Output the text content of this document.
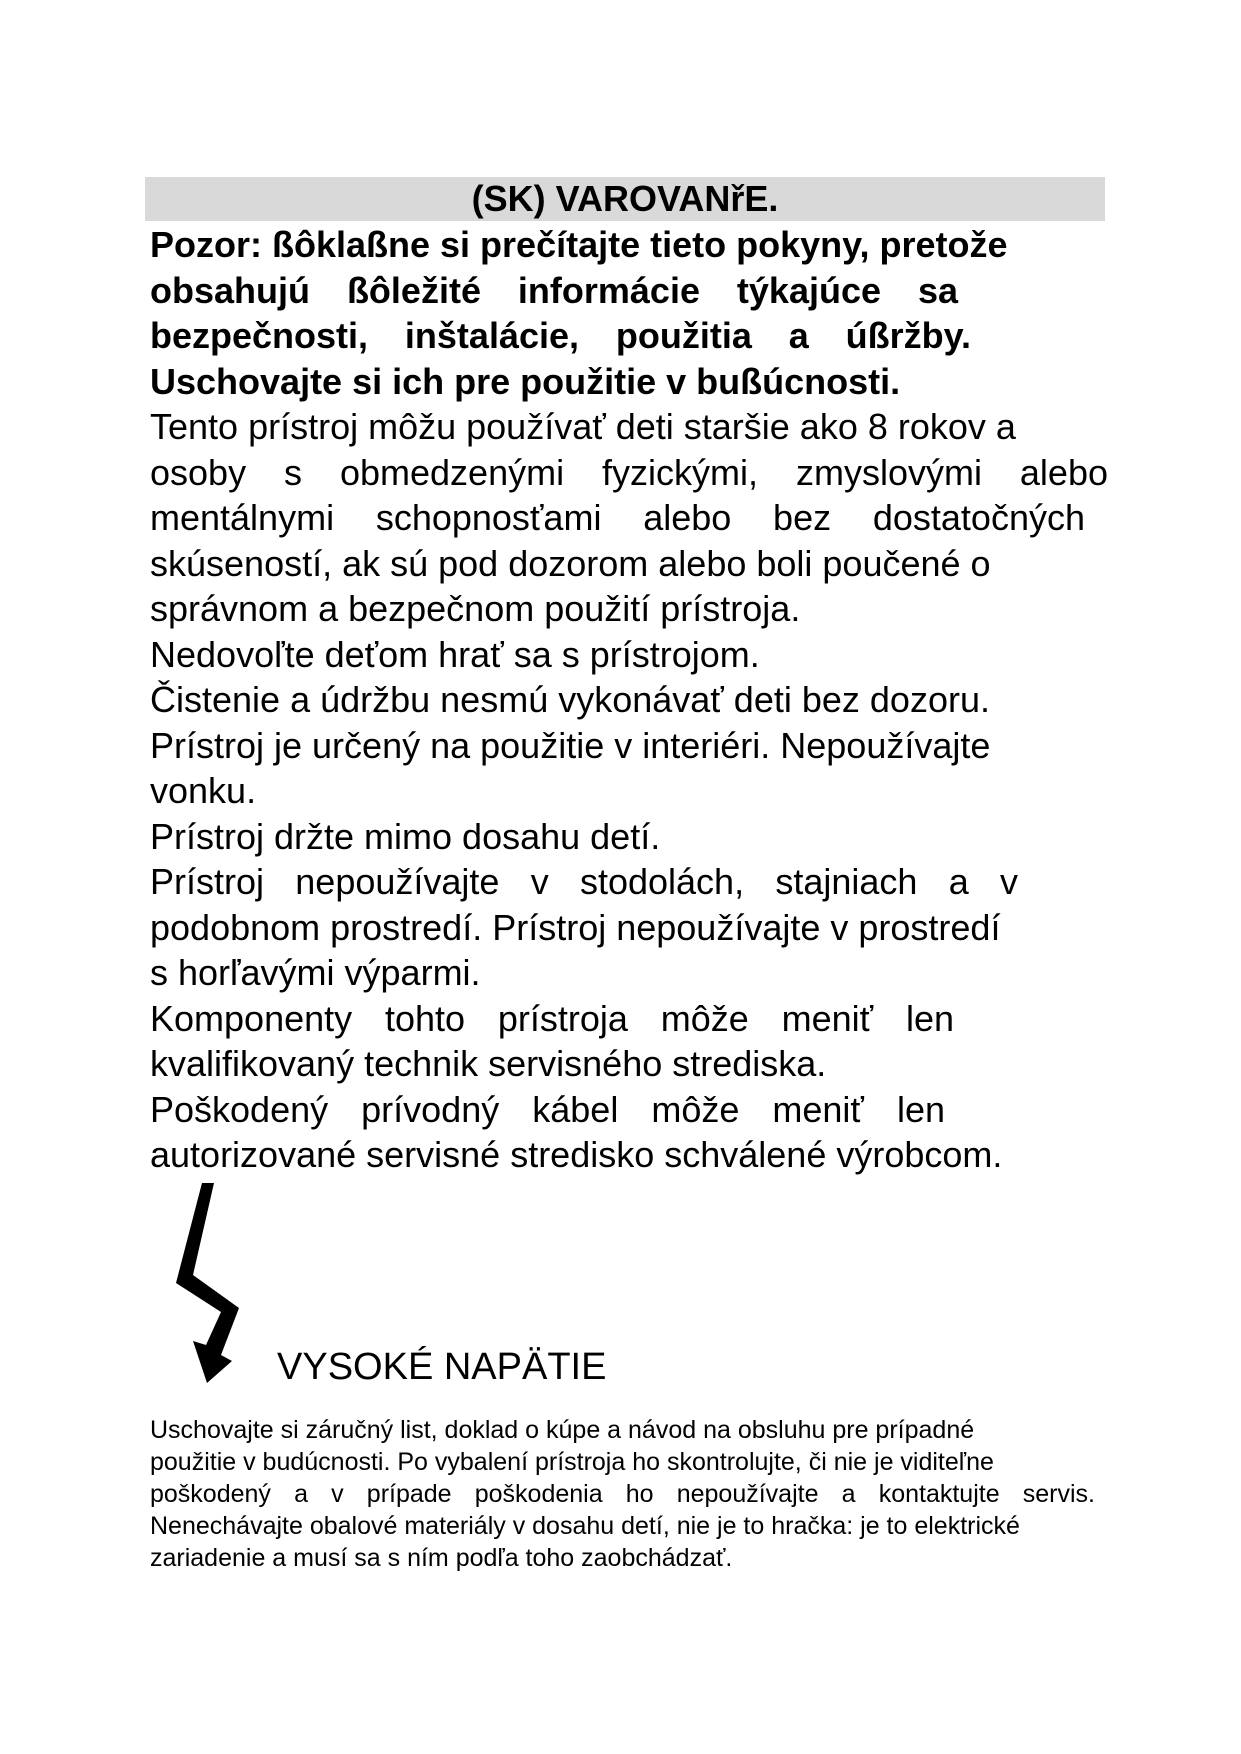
(SK) VAROVANřE.
Pozor: ßôklaßne si prečítajte tieto pokyny, pretože
obsahujú ßôležité informácie týkajúce sa
bezpečnosti, inštalácie, použitia a úßržby.
Uschovajte si ich pre použitie v bußúcnosti.
Tento prístroj môžu používať deti staršie ako 8 rokov a
osoby s obmedzenými fyzickými, zmyslovými alebo
mentálnymi schopnosťami alebo bez dostatočných
skúseností, ak sú pod dozorom alebo boli poučené o
správnom a bezpečnom použití prístroja.
Nedovoľte deťom hrať sa s prístrojom.
Čistenie a údržbu nesmú vykonávať deti bez dozoru.
Prístroj je určený na použitie v interiéri. Nepoužívajte
vonku.
Prístroj držte mimo dosahu detí.
Prístroj nepoužívajte v stodolách, stajniach a v
podobnom prostredí. Prístroj nepoužívajte v prostredí
s horľavými výparmi.
Komponenty tohto prístroja môže meniť len
kvalifikovaný technik servisného strediska.
Poškodený prívodný kábel môže meniť len
autorizované servisné stredisko schválené výrobcom.
VYSOKÉ NAPÄTIE
Uschovajte si záručný list, doklad o kúpe a návod na obsluhu pre prípadné
použitie v budúcnosti. Po vybalení prístroja ho skontrolujte, či nie je viditeľne
poškodený a v prípade poškodenia ho nepoužívajte a kontaktujte servis.
Nenechávajte obalové materiály v dosahu detí, nie je to hračka: je to elektrické
zariadenie a musí sa s ním podľa toho zaobchádzať.
